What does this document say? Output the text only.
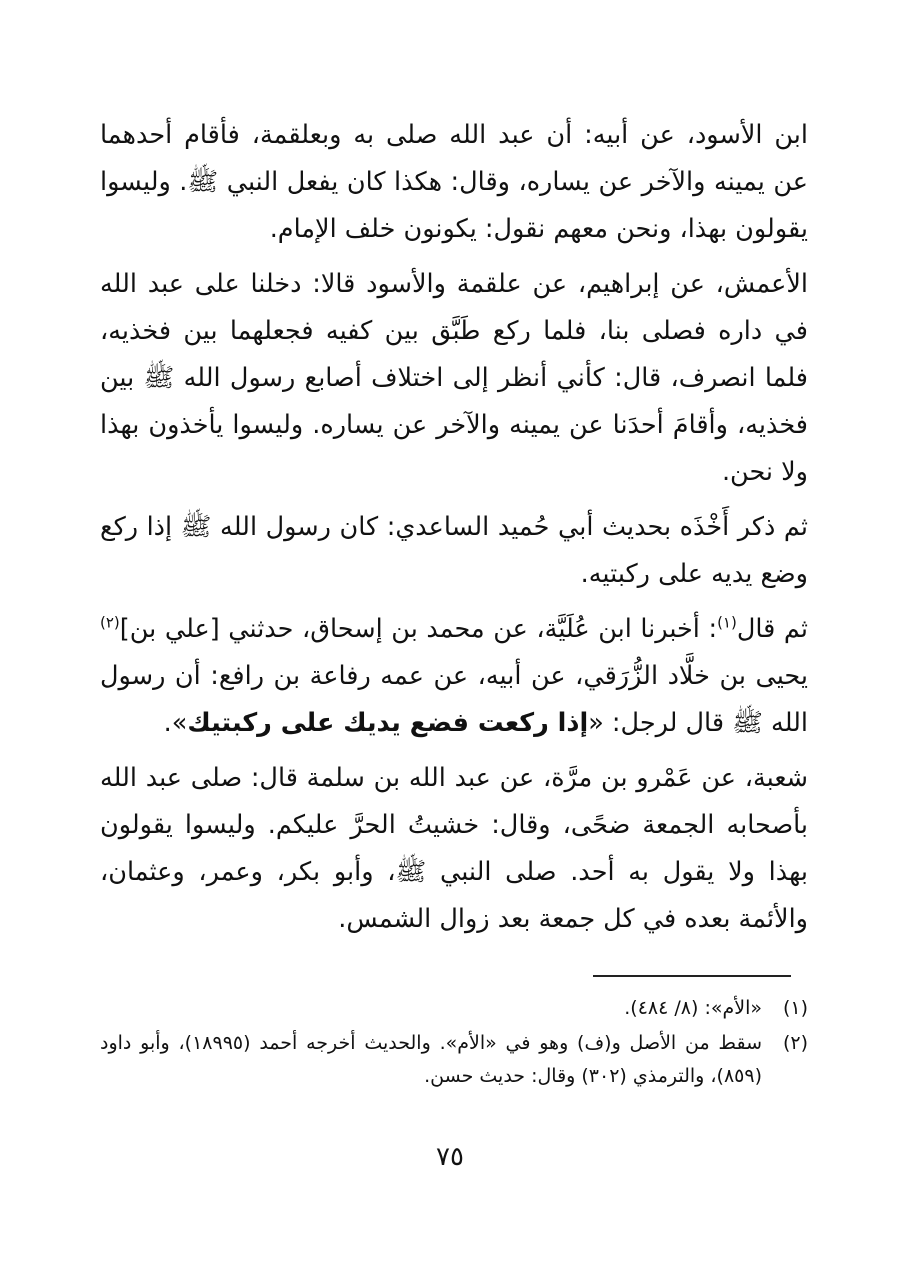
ابن الأسود، عن أبيه: أن عبد الله صلى به وبعلقمة، فأقام أحدهما عن يمينه والآخر عن يساره، وقال: هكذا كان يفعل النبي ﷺ. وليسوا يقولون بهذا، ونحن معهم نقول: يكونون خلف الإمام.

الأعمش، عن إبراهيم، عن علقمة والأسود قالا: دخلنا على عبد الله في داره فصلى بنا، فلما ركع طَبَّق بين كفيه فجعلهما بين فخذيه، فلما انصرف، قال: كأني أنظر إلى اختلاف أصابع رسول الله ﷺ بين فخذيه، وأقامَ أحدَنا عن يمينه والآخر عن يساره. وليسوا يأخذون بهذا ولا نحن.

ثم ذكر أَخْذَه بحديث أبي حُميد الساعدي: كان رسول الله ﷺ إذا ركع وضع يديه على ركبتيه.

ثم قال$^{(١)}$: أخبرنا ابن عُلَيَّة، عن محمد بن إسحاق، حدثني [علي بن]$^{(٢)}$ يحيى بن خلَّاد الزُّرَقي، عن أبيه، عن عمه رفاعة بن رافع: أن رسول الله ﷺ قال لرجل: «إذا ركعت فضع يديك على ركبتيك».

شعبة، عن عَمْرو بن مرَّة، عن عبد الله بن سلمة قال: صلى عبد الله بأصحابه الجمعة ضحًى، وقال: خشيتُ الحرَّ عليكم. وليسوا يقولون بهذا ولا يقول به أحد. صلى النبي ﷺ، وأبو بكر، وعمر، وعثمان، والأئمة بعده في كل جمعة بعد زوال الشمس.

(١)
«الأم»: (٨/ ٤٨٤).
(٢)
سقط من الأصل و(ف) وهو في «الأم». والحديث أخرجه أحمد (١٨٩٩٥)، وأبو داود (٨٥٩)، والترمذي (٣٠٢) وقال: حديث حسن.
٧٥
